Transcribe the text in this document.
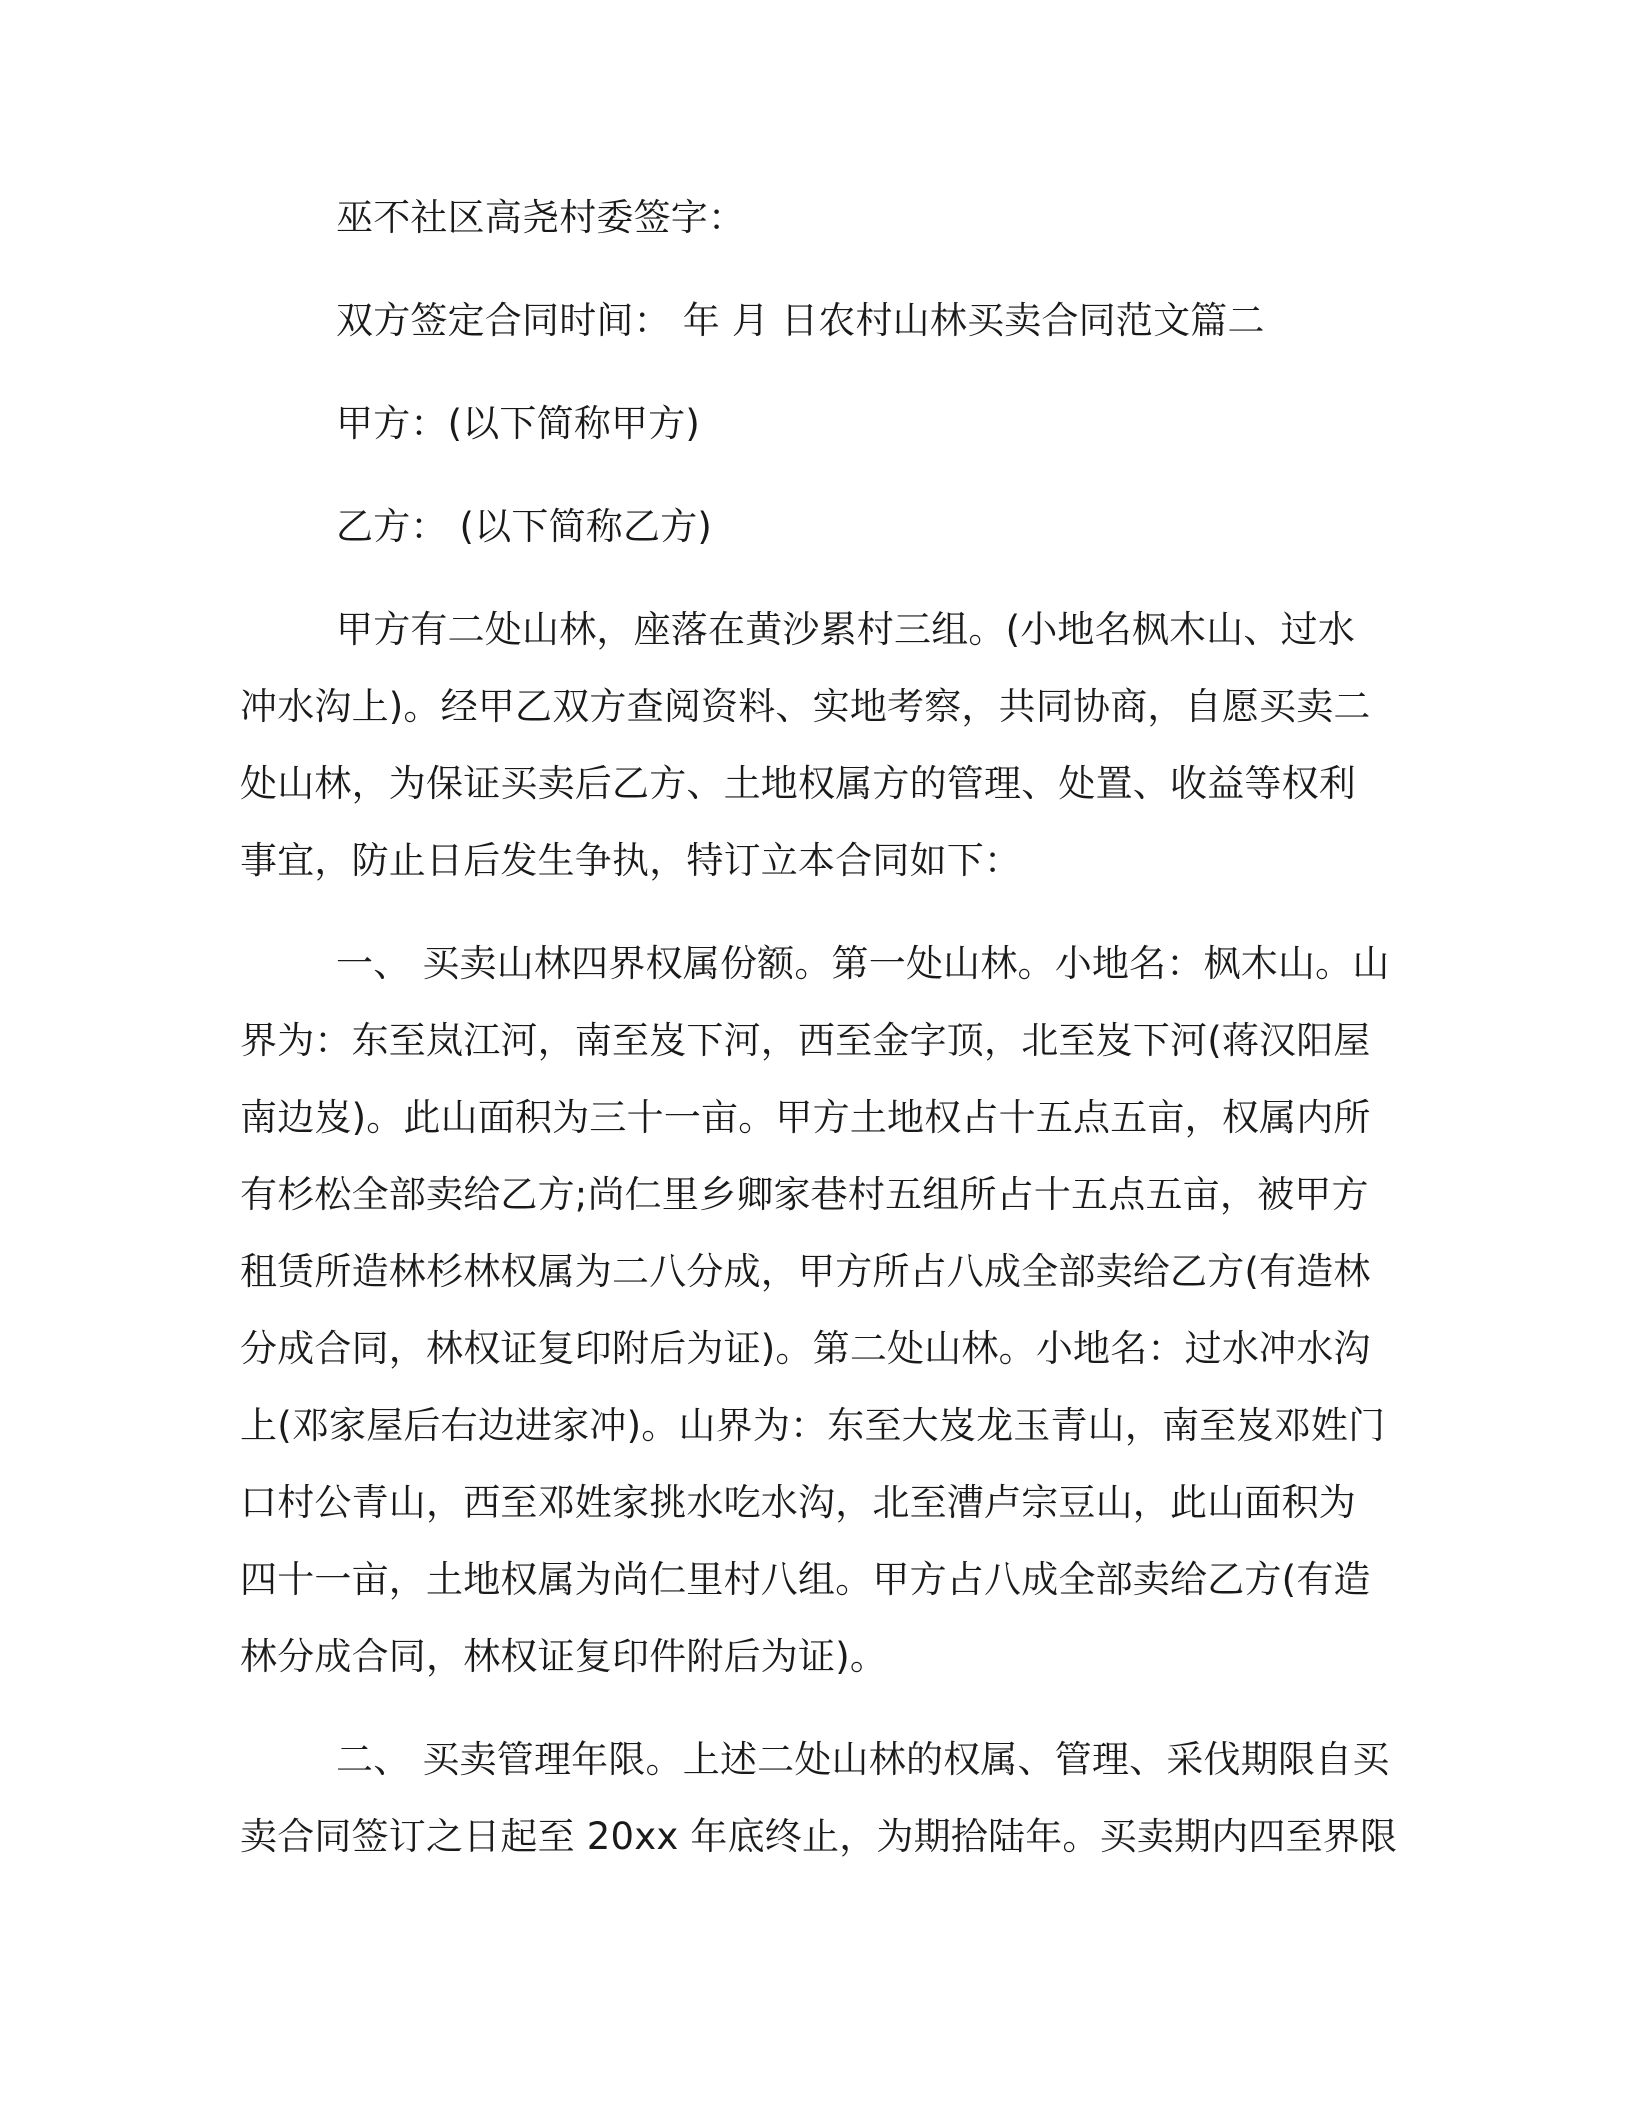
巫不社区高尧村委签字：
双方签定合同时间： 年 月 日农村山林买卖合同范文篇二
甲方：(以下简称甲方)
乙方： (以下简称乙方)
甲方有二处山林，座落在黄沙累村三组。(小地名枫木山、过水
冲水沟上)。经甲乙双方查阅资料、实地考察，共同协商，自愿买卖二
处山林，为保证买卖后乙方、土地权属方的管理、处置、收益等权利
事宜，防止日后发生争执，特订立本合同如下：
一、 买卖山林四界权属份额。第一处山林。小地名：枫木山。山
界为：东至岚江河，南至岌下河，西至金字顶，北至岌下河(蒋汉阳屋
南边岌)。此山面积为三十一亩。甲方土地权占十五点五亩，权属内所
有杉松全部卖给乙方;尚仁里乡卿家巷村五组所占十五点五亩，被甲方
租赁所造林杉林权属为二八分成，甲方所占八成全部卖给乙方(有造林
分成合同，林权证复印附后为证)。第二处山林。小地名：过水冲水沟
上(邓家屋后右边进家冲)。山界为：东至大岌龙玉青山，南至岌邓姓门
口村公青山，西至邓姓家挑水吃水沟，北至漕卢宗豆山，此山面积为
四十一亩，土地权属为尚仁里村八组。甲方占八成全部卖给乙方(有造
林分成合同，林权证复印件附后为证)。
二、 买卖管理年限。上述二处山林的权属、管理、采伐期限自买
卖合同签订之日起至 20xx 年底终止，为期拾陆年。买卖期内四至界限
